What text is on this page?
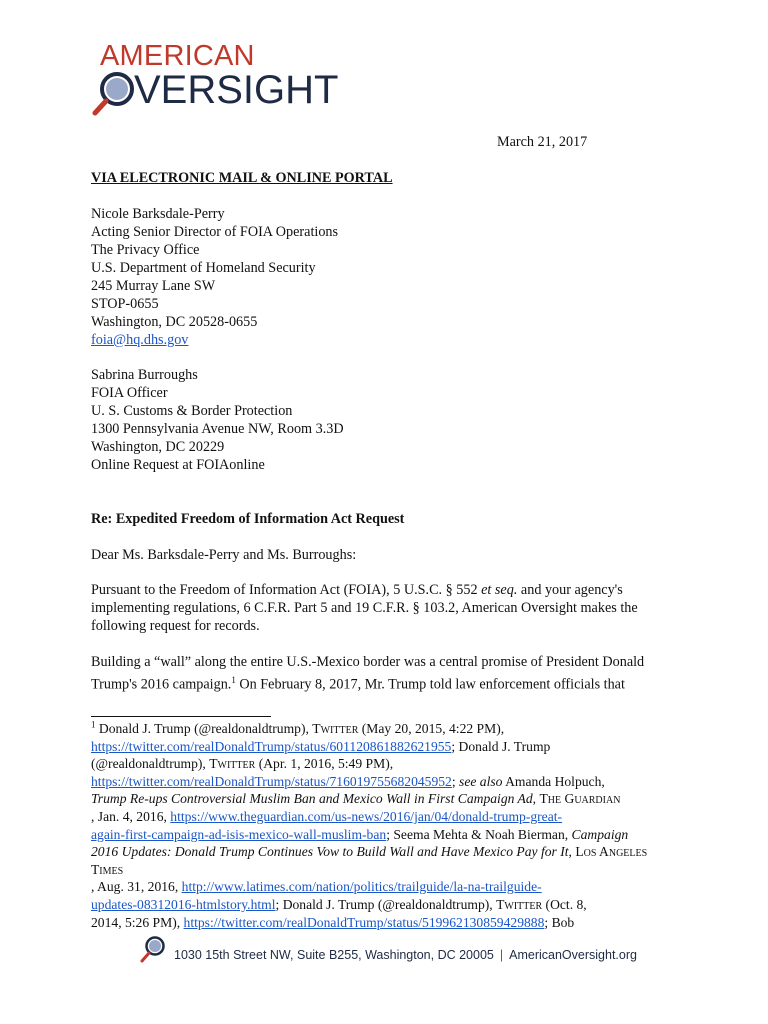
AMERICAN
VERSIGHT
March 21, 2017
VIA ELECTRONIC MAIL & ONLINE PORTAL
Nicole Barksdale-Perry
Acting Senior Director of FOIA Operations
The Privacy Office
U.S. Department of Homeland Security
245 Murray Lane SW
STOP-0655
Washington, DC 20528-0655
foia@hq.dhs.gov
Sabrina Burroughs
FOIA Officer
U. S. Customs & Border Protection
1300 Pennsylvania Avenue NW, Room 3.3D
Washington, DC 20229
Online Request at FOIAonline
Re: Expedited Freedom of Information Act Request
Dear Ms. Barksdale-Perry and Ms. Burroughs:
Pursuant to the Freedom of Information Act (FOIA), 5 U.S.C. § 552 et seq. and your agency's implementing regulations, 6 C.F.R. Part 5 and 19 C.F.R. § 103.2, American Oversight makes the following request for records.
Building a “wall” along the entire U.S.-Mexico border was a central promise of President Donald Trump's 2016 campaign.$^1$ On February 8, 2017, Mr. Trump told law enforcement officials that
$^1$ Donald J. Trump (@realdonaldtrump), Twitter (May 20, 2015, 4:22 PM),
https://twitter.com/realDonaldTrump/status/601120861882621955; Donald J. Trump
(@realdonaldtrump), Twitter (Apr. 1, 2016, 5:49 PM),
https://twitter.com/realDonaldTrump/status/716019755682045952; see also Amanda Holpuch,
Trump Re-ups Controversial Muslim Ban and Mexico Wall in First Campaign Ad, The Guardian
, Jan. 4, 2016, https://www.theguardian.com/us-news/2016/jan/04/donald-trump-great-
again-first-campaign-ad-isis-mexico-wall-muslim-ban; Seema Mehta & Noah Bierman, Campaign
2016 Updates: Donald Trump Continues Vow to Build Wall and Have Mexico Pay for It, Los Angeles Times
, Aug. 31, 2016, http://www.latimes.com/nation/politics/trailguide/la-na-trailguide-
updates-08312016-htmlstory.html; Donald J. Trump (@realdonaldtrump), Twitter (Oct. 8,
2014, 5:26 PM), https://twitter.com/realDonaldTrump/status/519962130859429888; Bob
1030 15th Street NW, Suite B255, Washington, DC 20005 | AmericanOversight.org
